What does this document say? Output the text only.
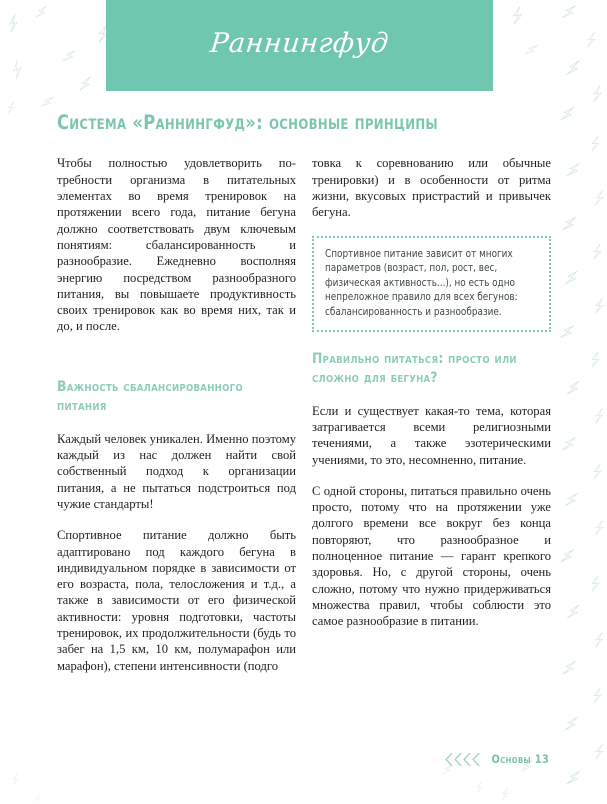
Раннингфуд
Система «Раннингфуд»: основные принципы

Чтобы полностью удовлетворить потребности организма в питательных элементах во время тренировок на протяжении всего года, питание бегуна должно соответствовать двум ключевым понятиям: сбалансированность и разнообразие. Ежедневно восполняя энергию посредством разнообразного питания, вы повышаете продуктивность своих тренировок как во время них, так и до, и после.

Важность сбалансированного питания

Каждый человек уникален. Именно поэтому каждый из нас должен найти свой собственный подход к организации питания, а не пытаться подстроиться под чужие стандарты!

Спортивное питание должно быть адаптировано под каждого бегуна в индивидуальном порядке в зависимости от его возраста, пола, телосложения и т.д., а также в зависимости от его физической активности: уровня подготовки, частоты тренировок, их продолжительности (будь то забег на 1,5 км, 10 км, полумарафон или марафон), степени интенсивности (подго

товка к соревнованию или обычные тренировки) и в особенности от ритма жизни, вкусовых пристрастий и привычек бегуна.

Спортивное питание зависит от многих параметров (возраст, пол, рост, вес, физическая активность...), но есть одно непреложное правило для всех бегунов: сбалансированность и разнообразие.

Правильно питаться: просто или сложно для бегуна?

Если и существует какая-то тема, которая затрагивается всеми религиозными течениями, а также эзотерическими учениями, то это, несомненно, питание.

С одной стороны, питаться правильно очень просто, потому что на протяжении уже долгого времени все вокруг без конца повторяют, что разнообразное и полноценное питание — гарант крепкого здоровья. Но, с другой стороны, очень сложно, потому что нужно придерживаться множества правил, чтобы соблюсти это самое разнообразие в питании.

Основы 13
